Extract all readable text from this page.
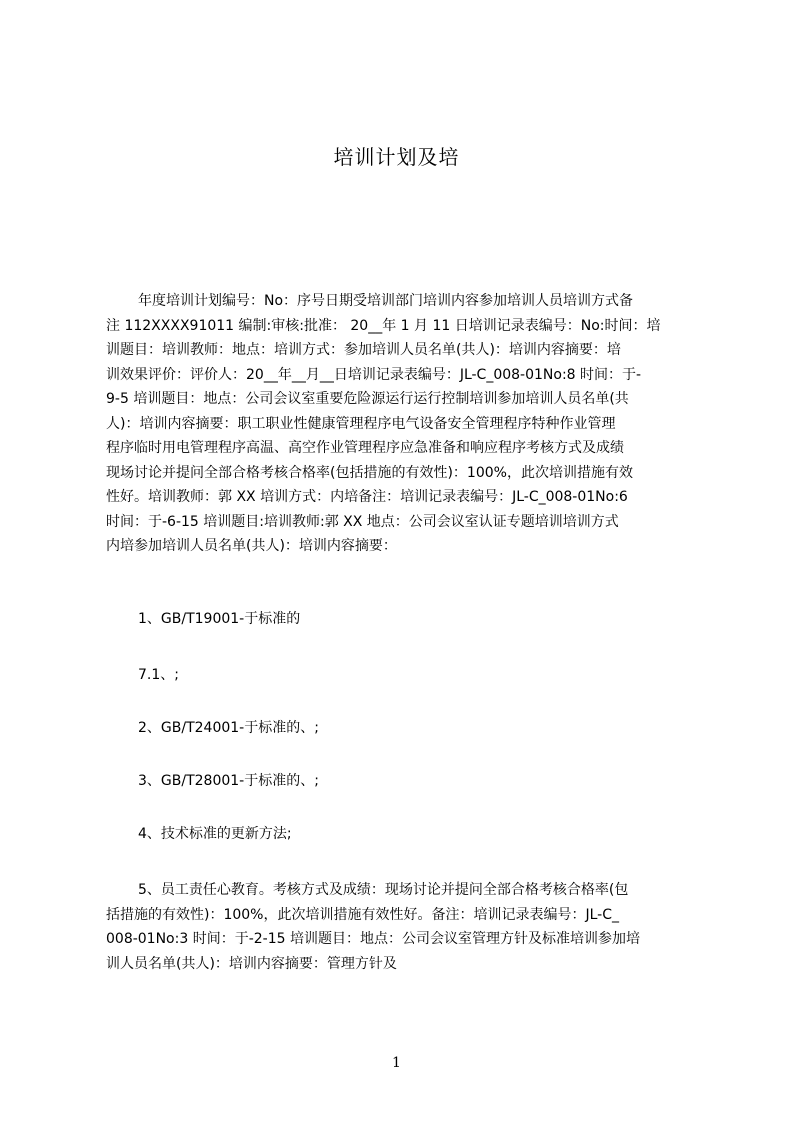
培训计划及培
年度培训计划编号：No：序号日期受培训部门培训内容参加培训人员培训方式备
注 112XXXX91011 编制:审核:批准： 20__年 1 月 11 日培训记录表编号：No:时间：培
训题目：培训教师：地点：培训方式：参加培训人员名单(共人)：培训内容摘要：培
训效果评价：评价人：20__年__月__日培训记录表编号：JL-C_008-01No:8 时间：于-
9-5 培训题目：地点：公司会议室重要危险源运行运行控制培训参加培训人员名单(共
人)：培训内容摘要：职工职业性健康管理程序电气设备安全管理程序特种作业管理
程序临时用电管理程序高温、高空作业管理程序应急准备和响应程序考核方式及成绩
现场讨论并提问全部合格考核合格率(包括措施的有效性)：100%，此次培训措施有效
性好。培训教师：郭 XX 培训方式：内培备注：培训记录表编号：JL-C_008-01No:6
时间：于-6-15 培训题目:培训教师:郭 XX 地点：公司会议室认证专题培训培训方式
内培参加培训人员名单(共人)：培训内容摘要：
1、GB/T19001-于标准的
7.1、;
2、GB/T24001-于标准的、;
3、GB/T28001-于标准的、;
4、技术标准的更新方法;
5、员工责任心教育。考核方式及成绩：现场讨论并提问全部合格考核合格率(包
括措施的有效性)：100%，此次培训措施有效性好。备注：培训记录表编号：JL-C_
008-01No:3 时间：于-2-15 培训题目：地点：公司会议室管理方针及标准培训参加培
训人员名单(共人)：培训内容摘要：管理方针及
1
